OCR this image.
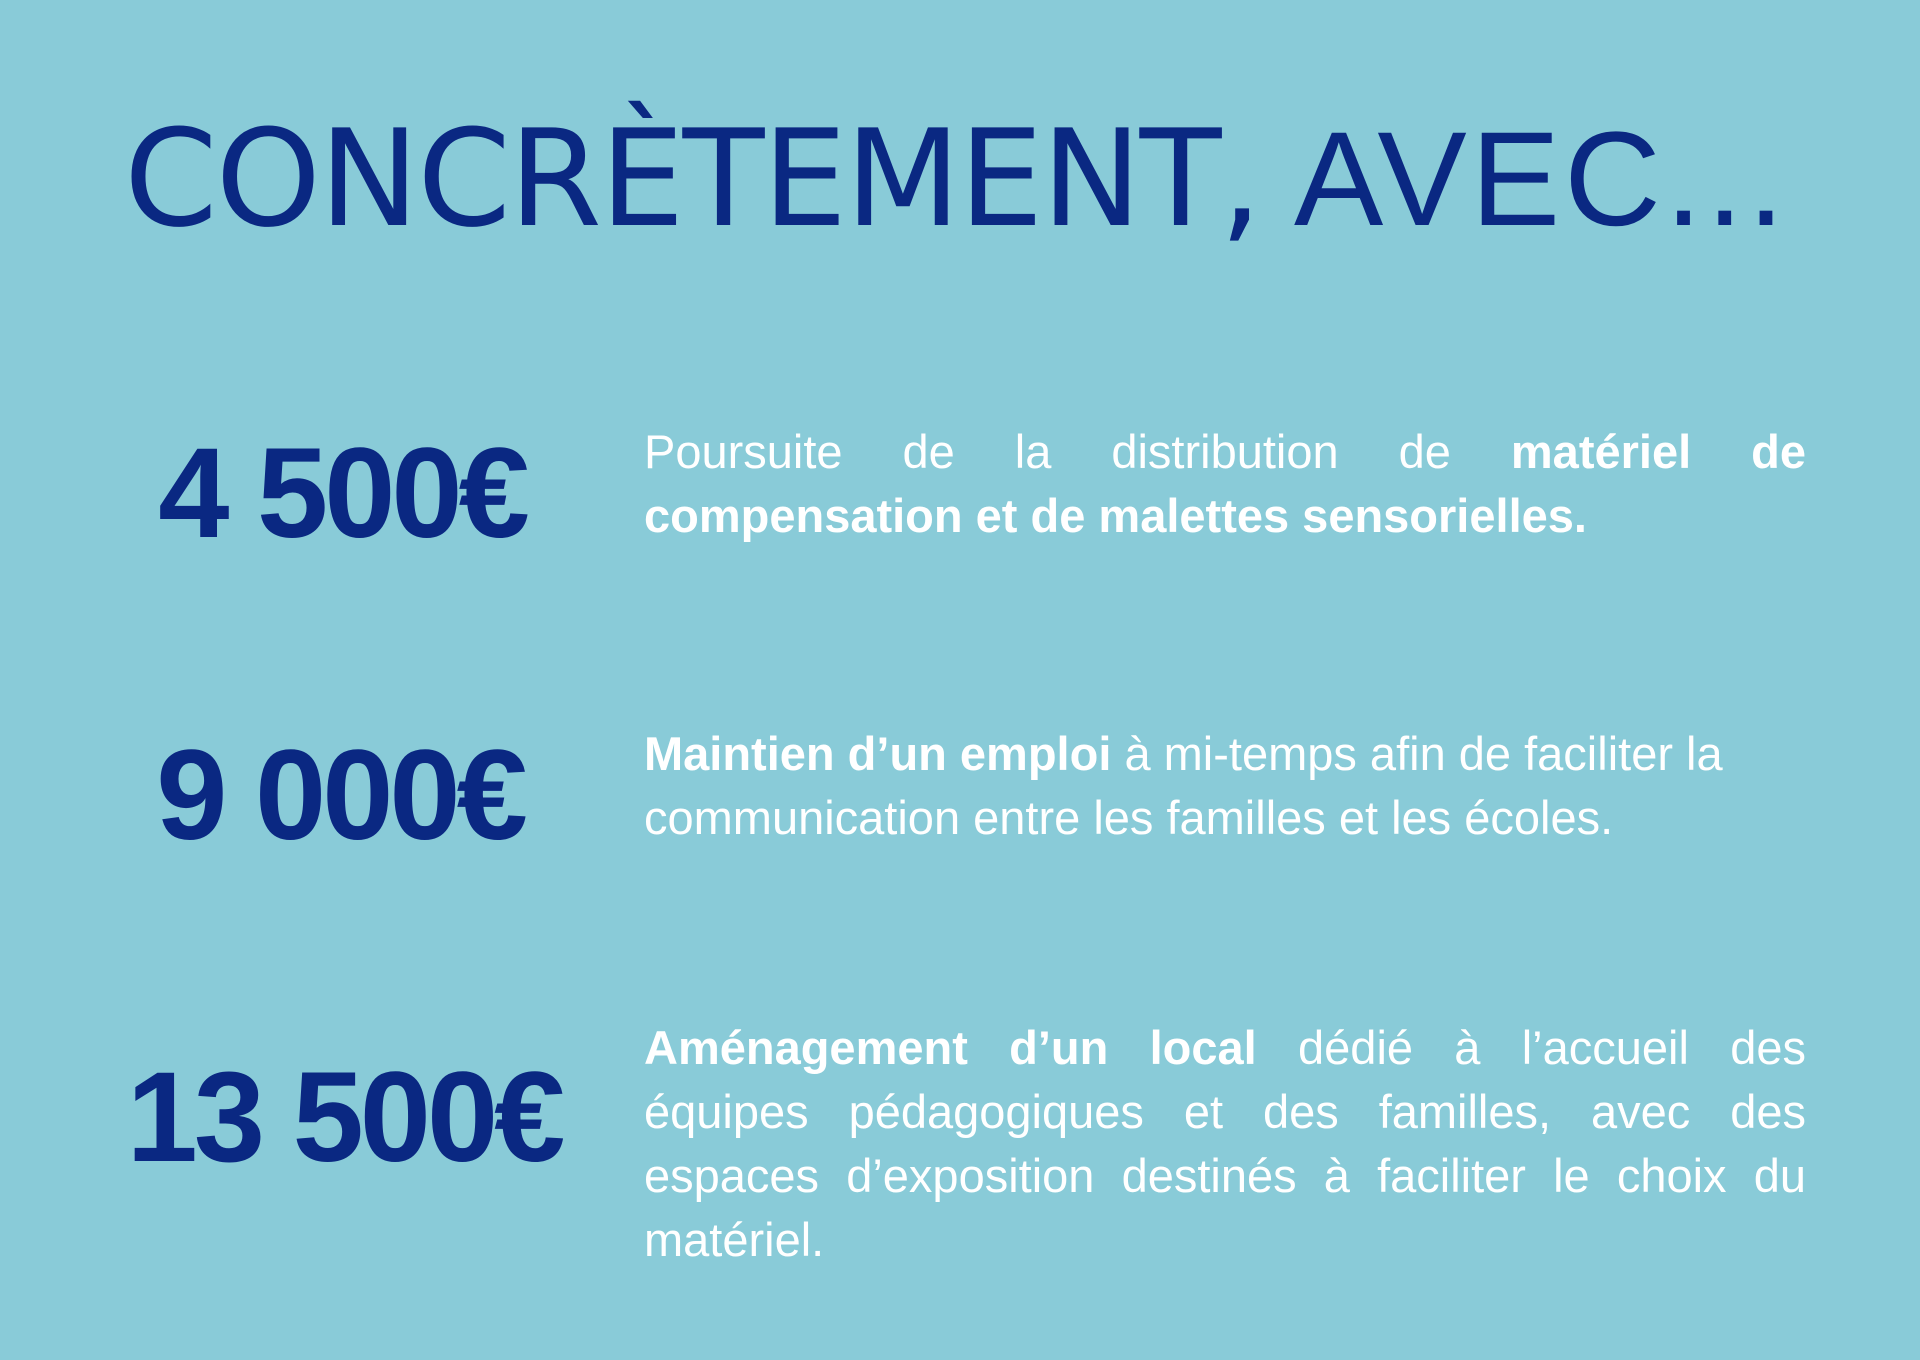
CONCRÈTEMENT, AVEC...
4 500€	Poursuite de la distribution de matériel de compensation et de malettes sensorielles.

9 000€	Maintien d’un emploi à mi-temps afin de faciliter la communication entre les familles et les écoles.

13 500€	Aménagement d’un local dédié à l’accueil des équipes pédagogiques et des familles, avec des espaces d’exposition destinés à faciliter le choix du matériel.
